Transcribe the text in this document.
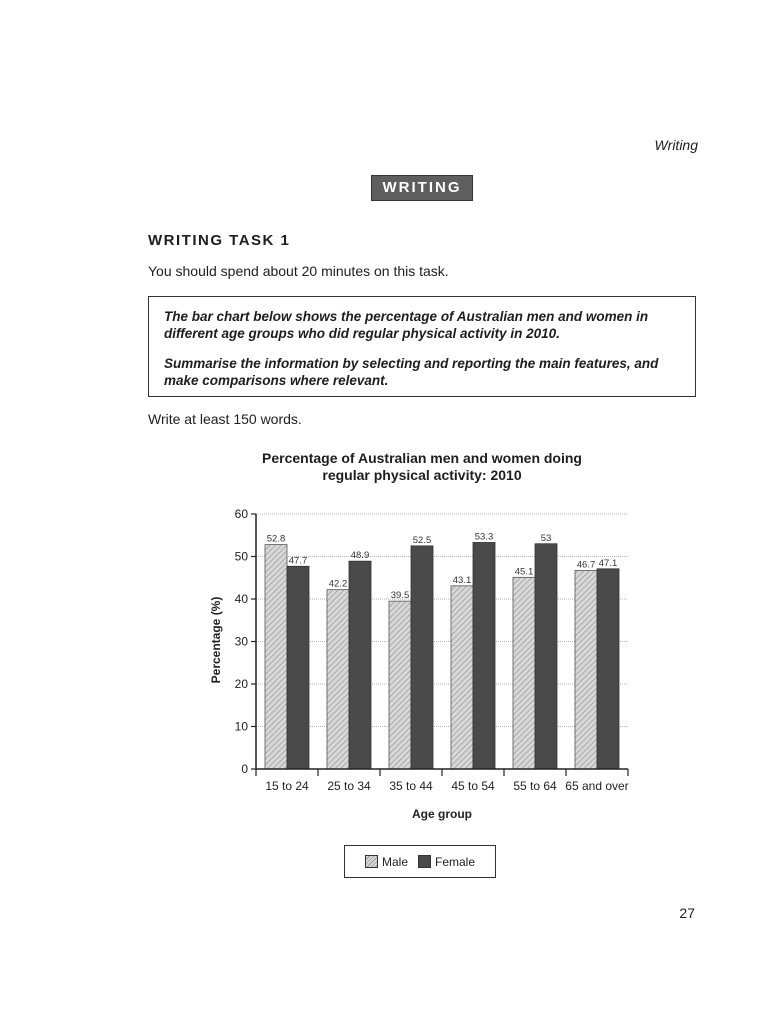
Writing
WRITING
WRITING TASK 1
You should spend about 20 minutes on this task.

The bar chart below shows the percentage of Australian men and women in different age groups who did regular physical activity in 2010.

Summarise the information by selecting and reporting the main features, and make comparisons where relevant.

Write at least 150 words.
Percentage of Australian men and women doing
regular physical activity: 2010
0
10
20
30
40
50
60
15 to 24 25 to 34 35 to 44 45 to 54 55 to 64 65 and over
52.8
47.7
42.2
48.9
39.5
52.5
43.1
53.3
45.1
53
46.7 47.1
Percentage (%)
Age group
Male Female
27
